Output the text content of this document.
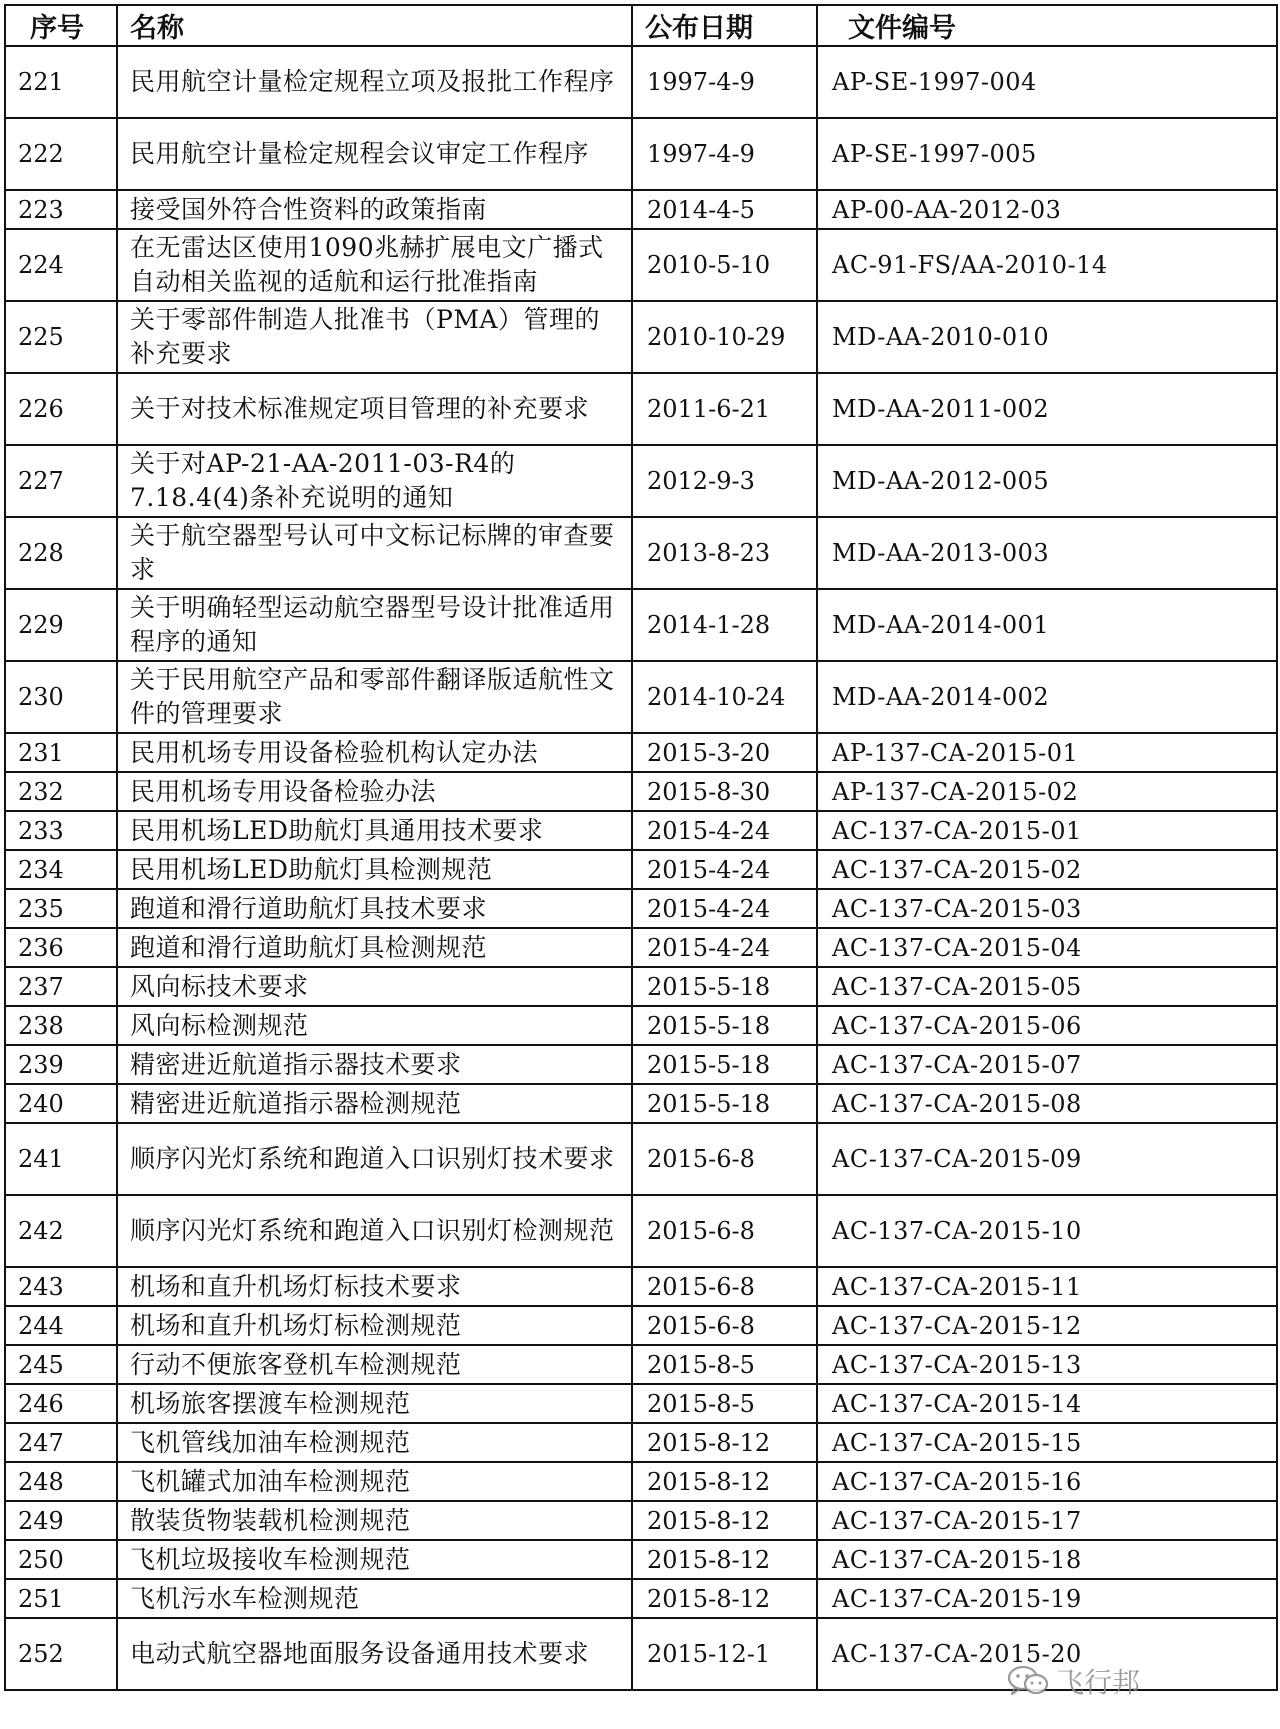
序号	名称	公布日期	文件编号
221	民用航空计量检定规程立项及报批工作程序	1997-4-9	AP-SE-1997-004
222	民用航空计量检定规程会议审定工作程序	1997-4-9	AP-SE-1997-005
223	接受国外符合性资料的政策指南	2014-4-5	AP-00-AA-2012-03
224	在无雷达区使用1090兆赫扩展电文广播式自动相关监视的适航和运行批准指南	2010-5-10	AC-91-FS/AA-2010-14
225	关于零部件制造人批准书（PMA）管理的补充要求	2010-10-29	MD-AA-2010-010
226	关于对技术标准规定项目管理的补充要求	2011-6-21	MD-AA-2011-002
227	关于对AP-21-AA-2011-03-R4的7.18.4(4)条补充说明的通知	2012-9-3	MD-AA-2012-005
228	关于航空器型号认可中文标记标牌的审查要求	2013-8-23	MD-AA-2013-003
229	关于明确轻型运动航空器型号设计批准适用程序的通知	2014-1-28	MD-AA-2014-001
230	关于民用航空产品和零部件翻译版适航性文件的管理要求	2014-10-24	MD-AA-2014-002
231	民用机场专用设备检验机构认定办法	2015-3-20	AP-137-CA-2015-01
232	民用机场专用设备检验办法	2015-8-30	AP-137-CA-2015-02
233	民用机场LED助航灯具通用技术要求	2015-4-24	AC-137-CA-2015-01
234	民用机场LED助航灯具检测规范	2015-4-24	AC-137-CA-2015-02
235	跑道和滑行道助航灯具技术要求	2015-4-24	AC-137-CA-2015-03
236	跑道和滑行道助航灯具检测规范	2015-4-24	AC-137-CA-2015-04
237	风向标技术要求	2015-5-18	AC-137-CA-2015-05
238	风向标检测规范	2015-5-18	AC-137-CA-2015-06
239	精密进近航道指示器技术要求	2015-5-18	AC-137-CA-2015-07
240	精密进近航道指示器检测规范	2015-5-18	AC-137-CA-2015-08
241	顺序闪光灯系统和跑道入口识别灯技术要求	2015-6-8	AC-137-CA-2015-09
242	顺序闪光灯系统和跑道入口识别灯检测规范	2015-6-8	AC-137-CA-2015-10
243	机场和直升机场灯标技术要求	2015-6-8	AC-137-CA-2015-11
244	机场和直升机场灯标检测规范	2015-6-8	AC-137-CA-2015-12
245	行动不便旅客登机车检测规范	2015-8-5	AC-137-CA-2015-13
246	机场旅客摆渡车检测规范	2015-8-5	AC-137-CA-2015-14
247	飞机管线加油车检测规范	2015-8-12	AC-137-CA-2015-15
248	飞机罐式加油车检测规范	2015-8-12	AC-137-CA-2015-16
249	散装货物装载机检测规范	2015-8-12	AC-137-CA-2015-17
250	飞机垃圾接收车检测规范	2015-8-12	AC-137-CA-2015-18
251	飞机污水车检测规范	2015-8-12	AC-137-CA-2015-19
252	电动式航空器地面服务设备通用技术要求	2015-12-1	AC-137-CA-2015-20
飞行邦
